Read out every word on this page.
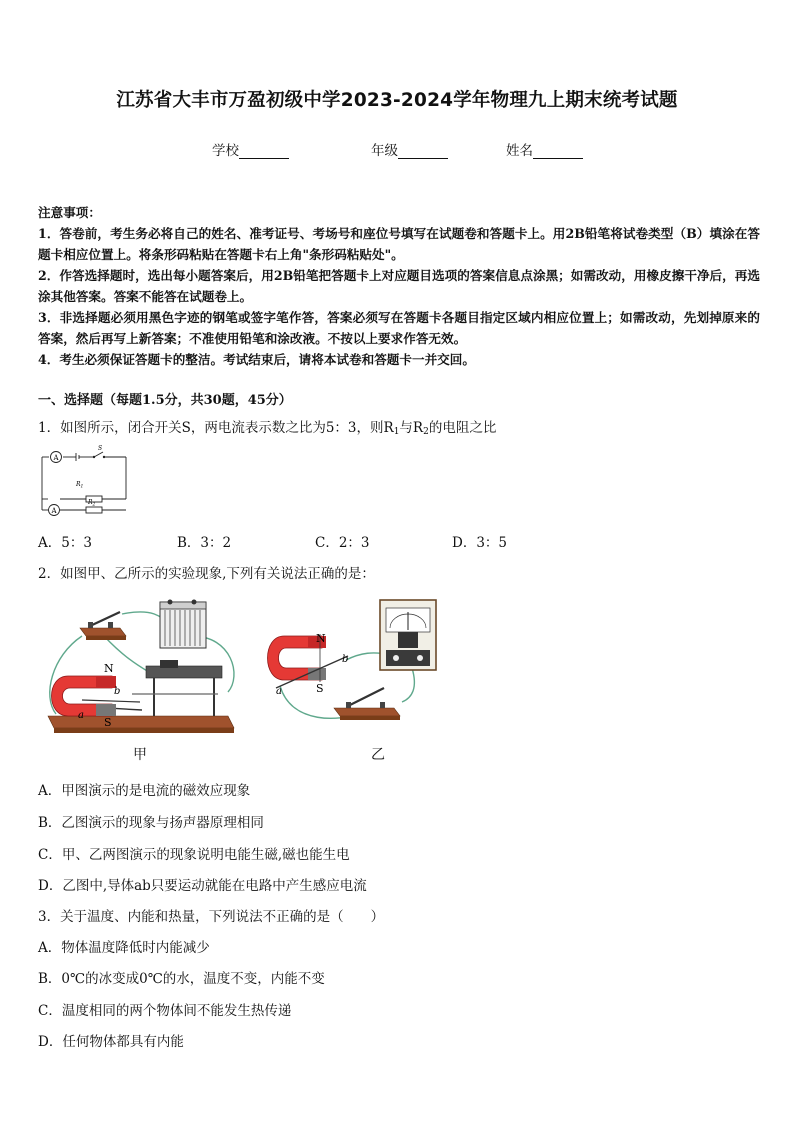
江苏省大丰市万盈初级中学2023-2024学年物理九上期末统考试题
学校	年级	姓名
注意事项：
1．答卷前，考生务必将自己的姓名、准考证号、考场号和座位号填写在试题卷和答题卡上。用2B铅笔将试卷类型（B）填涂在答题卡相应位置上。将条形码粘贴在答题卡右上角"条形码粘贴处"。
2．作答选择题时，选出每小题答案后，用2B铅笔把答题卡上对应题目选项的答案信息点涂黑；如需改动，用橡皮擦干净后，再选涂其他答案。答案不能答在试题卷上。
3．非选择题必须用黑色字迹的钢笔或签字笔作答，答案必须写在答题卡各题目指定区域内相应位置上；如需改动，先划掉原来的答案，然后再写上新答案；不准使用铅笔和涂改液。不按以上要求作答无效。
4．考生必须保证答题卡的整洁。考试结束后，请将本试卷和答题卡一并交回。
一、选择题（每题1.5分，共30题，45分）
1．如图所示，闭合开关S，两电流表示数之比为5：3，则$R_1$与$R_2$的电阻之比
A
A
S
$R_1$
$R_2$
A．5：3	B．3：2	C．2：3	D．3：5
2．如图甲、乙所示的实验现象,下列有关说法正确的是：
N
S
b
a
N
S
b
a
甲	乙
A．甲图演示的是电流的磁效应现象
B．乙图演示的现象与扬声器原理相同
C．甲、乙两图演示的现象说明电能生磁,磁也能生电
D．乙图中,导体ab只要运动就能在电路中产生感应电流
3．关于温度、内能和热量，下列说法不正确的是（　　）
A．物体温度降低时内能减少
B．0℃的冰变成0℃的水，温度不变，内能不变
C．温度相同的两个物体间不能发生热传递
D．任何物体都具有内能
